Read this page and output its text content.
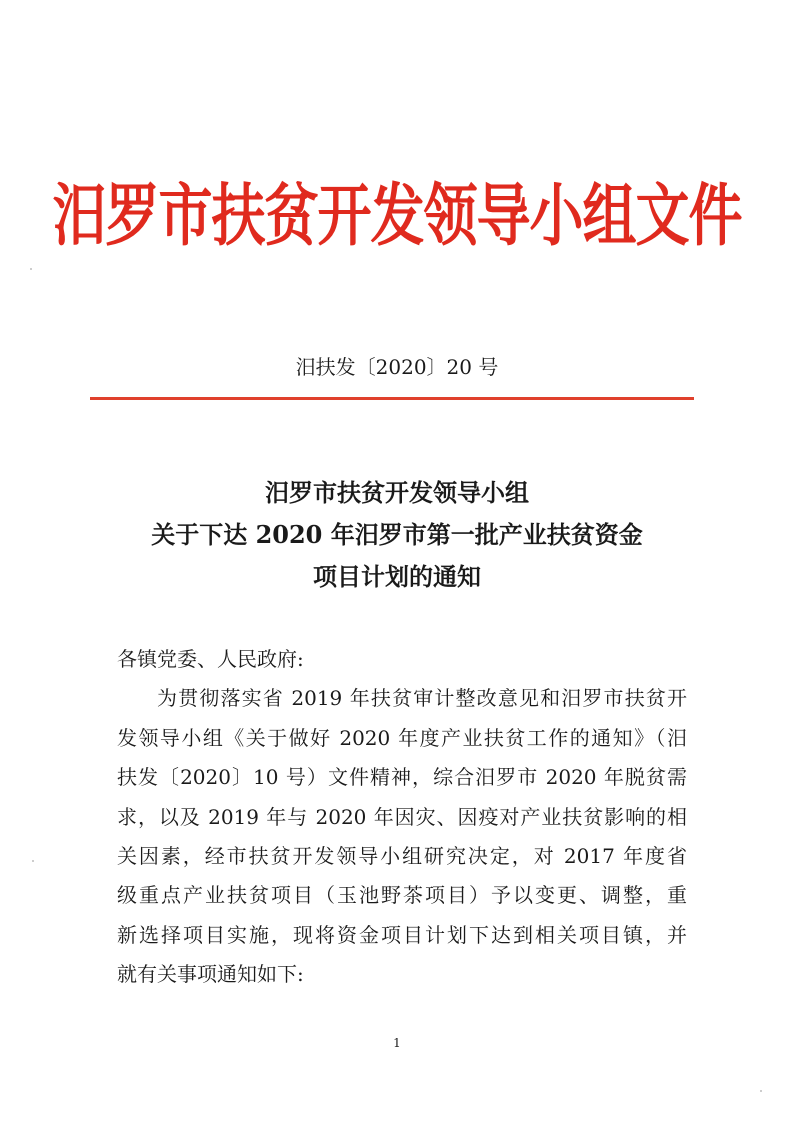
汨罗市扶贫开发领导小组文件
汨扶发〔2020〕20 号
汨罗市扶贫开发领导小组
关于下达 2020 年汨罗市第一批产业扶贫资金
项目计划的通知
各镇党委、人民政府:
为贯彻落实省 2019 年扶贫审计整改意见和汨罗市扶贫开
发领导小组《关于做好 2020 年度产业扶贫工作的通知》（汨
扶发〔2020〕10 号）文件精神，综合汨罗市 2020 年脱贫需
求，以及 2019 年与 2020 年因灾、因疫对产业扶贫影响的相
关因素，经市扶贫开发领导小组研究决定，对 2017 年度省
级重点产业扶贫项目（玉池野茶项目）予以变更、调整，重
新选择项目实施，现将资金项目计划下达到相关项目镇，并
就有关事项通知如下:
1
